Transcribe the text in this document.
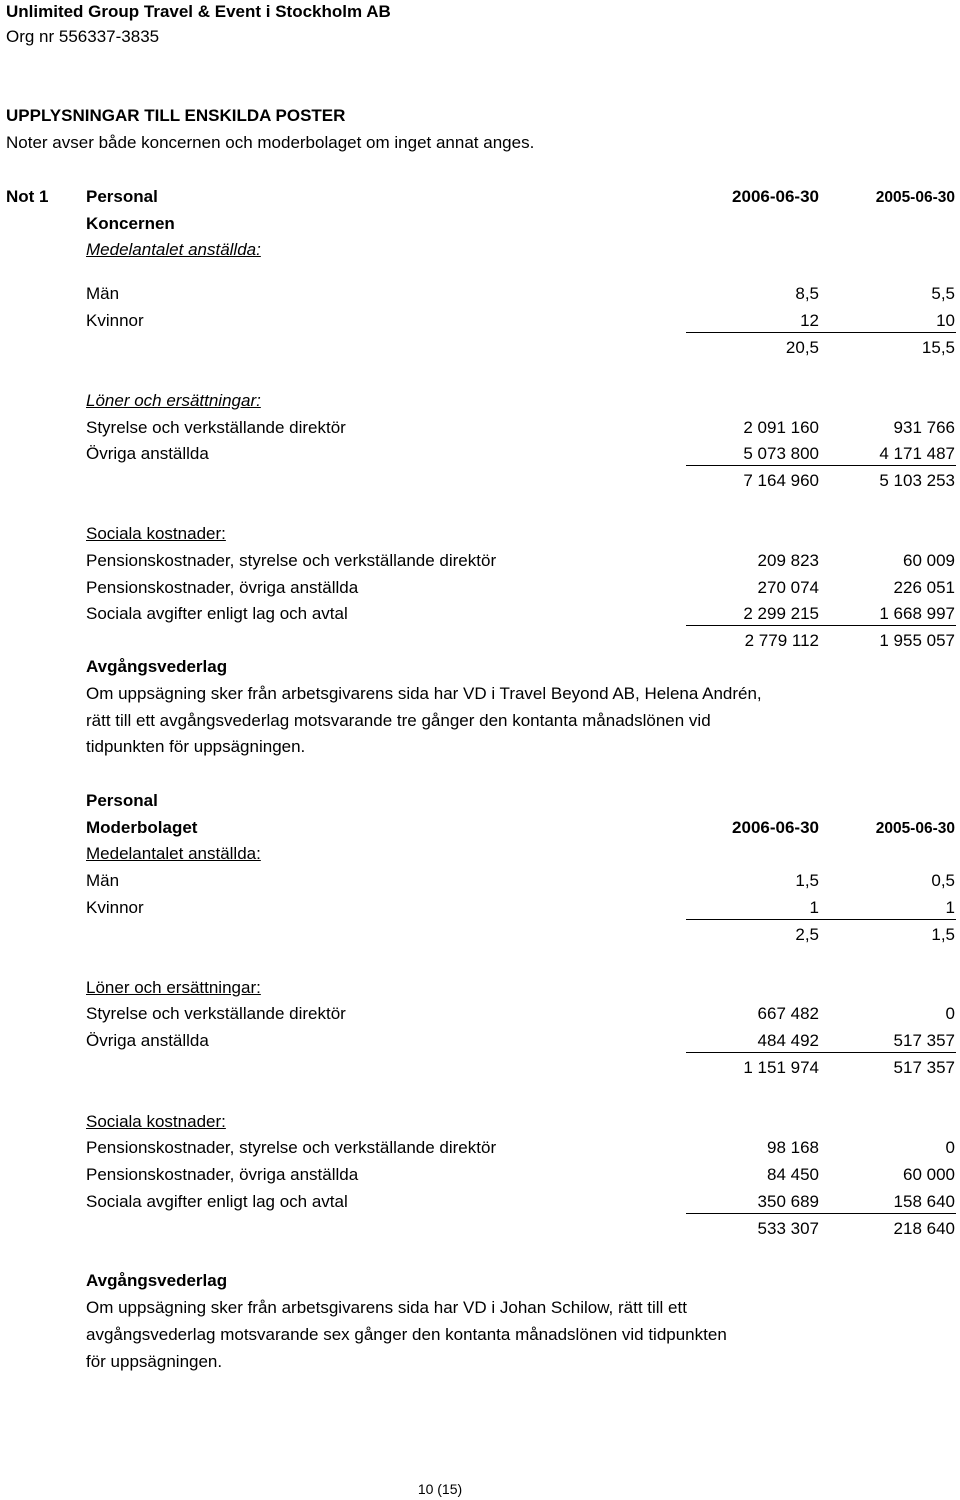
Unlimited Group Travel & Event i Stockholm AB
Org nr 556337-3835
UPPLYSNINGAR TILL ENSKILDA POSTER
Noter avser både koncernen och moderbolaget om inget annat anges.
Not 1 Personal	2006-06-30	2005-06-30
Koncernen
Medelantalet anställda:
Män	8,5	5,5
Kvinnor	12	10
20,5	15,5
Löner och ersättningar:
Styrelse och verkställande direktör	2 091 160	931 766
Övriga anställda	5 073 800	4 171 487
7 164 960	5 103 253
Sociala kostnader:
Pensionskostnader, styrelse och verkställande direktör	209 823	60 009
Pensionskostnader, övriga anställda	270 074	226 051
Sociala avgifter enligt lag och avtal	2 299 215	1 668 997
2 779 112	1 955 057
Avgångsvederlag
Om uppsägning sker från arbetsgivarens sida har VD i Travel Beyond AB, Helena Andrén,
rätt till ett avgångsvederlag motsvarande tre gånger den kontanta månadslönen vid
tidpunkten för uppsägningen.
Personal
Moderbolaget	2006-06-30	2005-06-30
Medelantalet anställda:
Män	1,5	0,5
Kvinnor	1	1
2,5	1,5
Löner och ersättningar:
Styrelse och verkställande direktör	667 482	0
Övriga anställda	484 492	517 357
1 151 974	517 357
Sociala kostnader:
Pensionskostnader, styrelse och verkställande direktör	98 168	0
Pensionskostnader, övriga anställda	84 450	60 000
Sociala avgifter enligt lag och avtal	350 689	158 640
533 307	218 640
Avgångsvederlag
Om uppsägning sker från arbetsgivarens sida har VD i Johan Schilow, rätt till ett
avgångsvederlag motsvarande sex gånger den kontanta månadslönen vid tidpunkten
för uppsägningen.
10 (15)
